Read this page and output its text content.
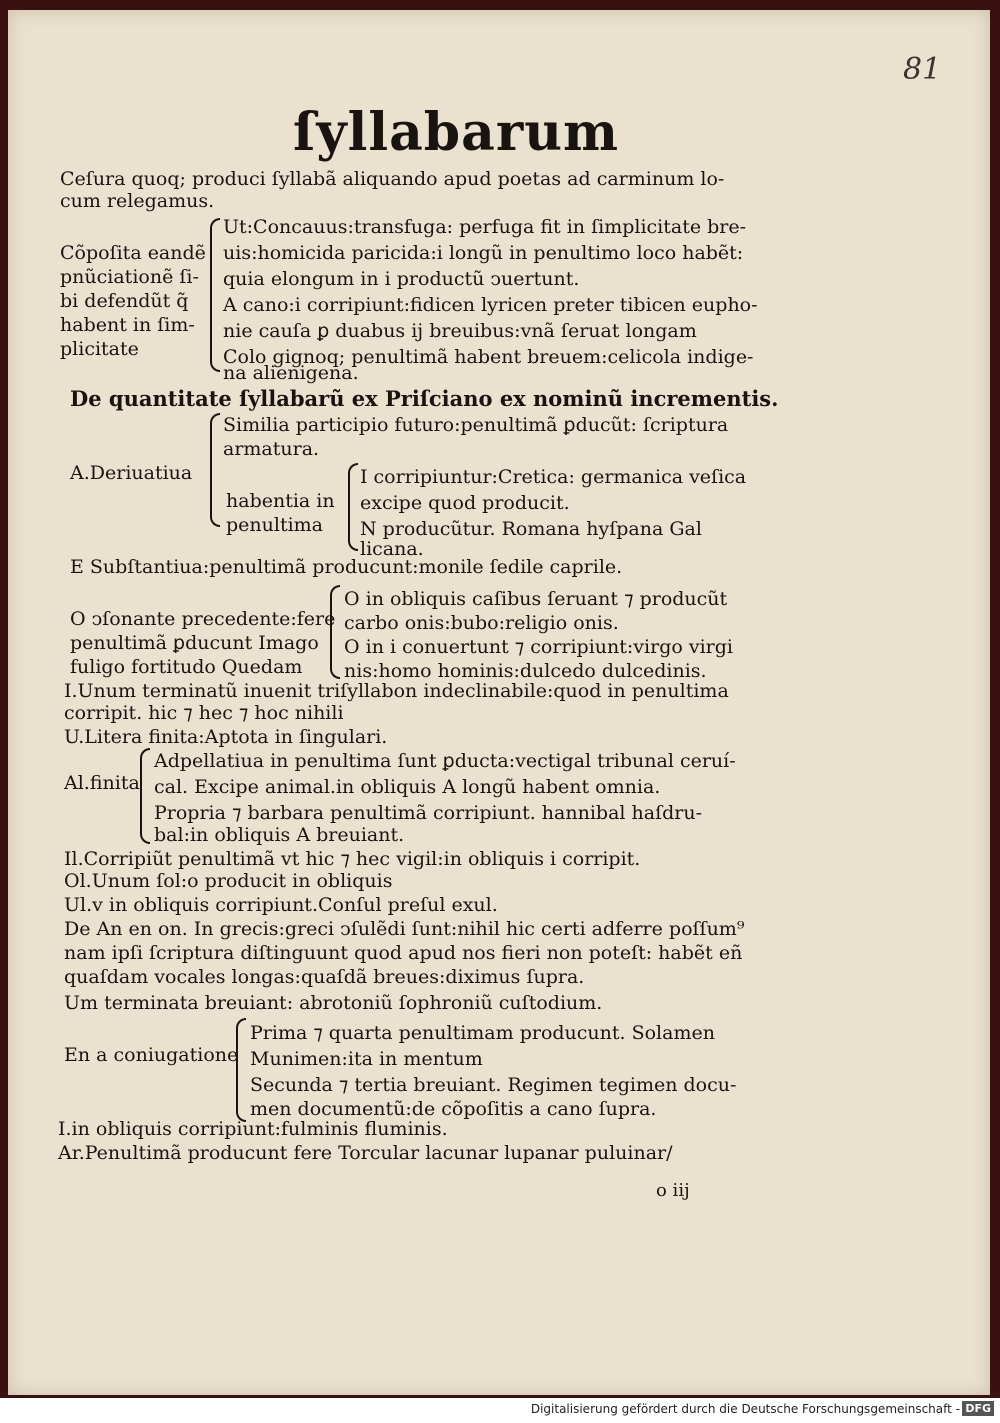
81
ſyllabarum
Ceſura quoq; produci ſyllabã aliquando apud poetas ad carminum lo-
cum relegamus.
Ut:Concauus:transfuga: perfuga fit in ſimplicitate bre-
Cõpoſita eandẽ uis:homicida paricida:i longũ in penultimo loco habẽt:
pnũciationẽ ſi- quia elongum in i productũ ↄuertunt.
bi defendũt q̃ A cano:i corripiunt:fidicen lyricen preter tibicen eupho-
habent in ſim- nie cauſa ꝑ duabus ij breuibus:vnã ſeruat longam
plicitate	Colo gignoq; penultimã habent breuem:celicola indige-
na alienigena.
De quantitate ſyllabarũ ex Priſciano ex nominũ incrementis.
Similia participio futuro:penultimã ꝑducũt: ſcriptura
armatura.
A.Deriuatiua	I corripiuntur:Cretica: germanica veſica
habentia in excipe quod producit.
penultima N producũtur. Romana hyſpana Gal
licana.
E Subſtantiua:penultimã producunt:monile ſedile caprile.
O in obliquis caſibus ſeruant ⁊ producũt
O ↄſonante precedente:fere carbo onis:bubo:religio onis.
penultimã ꝑducunt Imago O in i conuertunt ⁊ corripiunt:virgo virgi
fuligo fortitudo Quedam nis:homo hominis:dulcedo dulcedinis.
I.Unum terminatũ inuenit triſyllabon indeclinabile:quod in penultima
corripit. hic ⁊ hec ⁊ hoc nihili
U.Litera finita:Aptota in ſingulari.
Adpellatiua in penultima ſunt ꝑducta:vectigal tribunal ceruí-
Al.finita cal. Excipe animal.in obliquis A longũ habent omnia.
Propria ⁊ barbara penultimã corripiunt. hannibal haſdru-
bal:in obliquis A breuiant.
Il.Corripiũt penultimã vt hic ⁊ hec vigil:in obliquis i corripit.
Ol.Unum ſol:o producit in obliquis
Ul.v in obliquis corripiunt.Conſul preſul exul.
De An en on. In grecis:greci ↄſulẽdi ſunt:nihil hic certi adferre poſſum⁹
nam ipſi ſcriptura diſtinguunt quod apud nos fieri non poteſt: habẽt eñ
quaſdam vocales longas:quaſdã breues:diximus ſupra.
Um terminata breuiant: abrotoniũ ſophroniũ cuſtodium.
Prima ⁊ quarta penultimam producunt. Solamen
En a coniugatione Munimen:ita in mentum
Secunda ⁊ tertia breuiant. Regimen tegimen docu-
men documentũ:de cõpoſitis a cano ſupra.
I.in obliquis corripiunt:fulminis fluminis.
Ar.Penultimã producunt fere Torcular lacunar lupanar puluinar/
o iij
Digitalisierung gefördert durch die Deutsche Forschungsgemeinschaft - DFG
